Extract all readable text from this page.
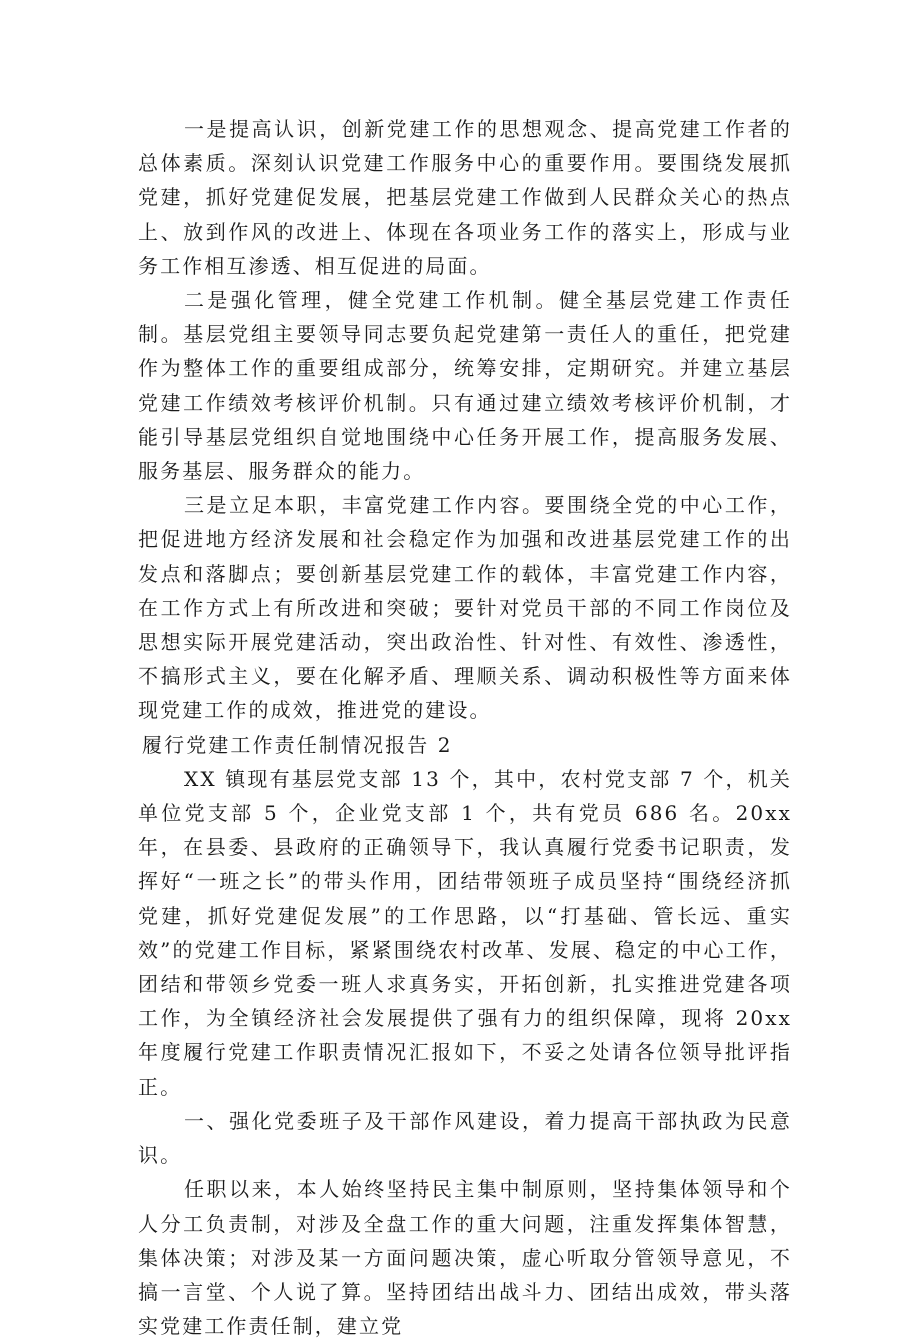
一是提高认识，创新党建工作的思想观念、提高党建工作者的总体素质。深刻认识党建工作服务中心的重要作用。要围绕发展抓党建，抓好党建促发展，把基层党建工作做到人民群众关心的热点上、放到作风的改进上、体现在各项业务工作的落实上，形成与业务工作相互渗透、相互促进的局面。

二是强化管理，健全党建工作机制。健全基层党建工作责任制。基层党组主要领导同志要负起党建第一责任人的重任，把党建作为整体工作的重要组成部分，统筹安排，定期研究。并建立基层党建工作绩效考核评价机制。只有通过建立绩效考核评价机制，才能引导基层党组织自觉地围绕中心任务开展工作，提高服务发展、服务基层、服务群众的能力。

三是立足本职，丰富党建工作内容。要围绕全党的中心工作，把促进地方经济发展和社会稳定作为加强和改进基层党建工作的出发点和落脚点；要创新基层党建工作的载体，丰富党建工作内容，在工作方式上有所改进和突破；要针对党员干部的不同工作岗位及思想实际开展党建活动，突出政治性、针对性、有效性、渗透性，不搞形式主义，要在化解矛盾、理顺关系、调动积极性等方面来体现党建工作的成效，推进党的建设。

履行党建工作责任制情况报告 2

XX 镇现有基层党支部 13 个，其中，农村党支部 7 个，机关单位党支部 5 个，企业党支部 1 个，共有党员 686 名。20xx 年，在县委、县政府的正确领导下，我认真履行党委书记职责，发挥好“一班之长”的带头作用，团结带领班子成员坚持“围绕经济抓党建，抓好党建促发展”的工作思路，以“打基础、管长远、重实效”的党建工作目标，紧紧围绕农村改革、发展、稳定的中心工作，团结和带领乡党委一班人求真务实，开拓创新，扎实推进党建各项工作，为全镇经济社会发展提供了强有力的组织保障，现将 20xx 年度履行党建工作职责情况汇报如下，不妥之处请各位领导批评指正。

一、强化党委班子及干部作风建设，着力提高干部执政为民意识。

任职以来，本人始终坚持民主集中制原则，坚持集体领导和个人分工负责制，对涉及全盘工作的重大问题，注重发挥集体智慧，集体决策；对涉及某一方面问题决策，虚心听取分管领导意见，不搞一言堂、个人说了算。坚持团结出战斗力、团结出成效，带头落实党建工作责任制，建立党
